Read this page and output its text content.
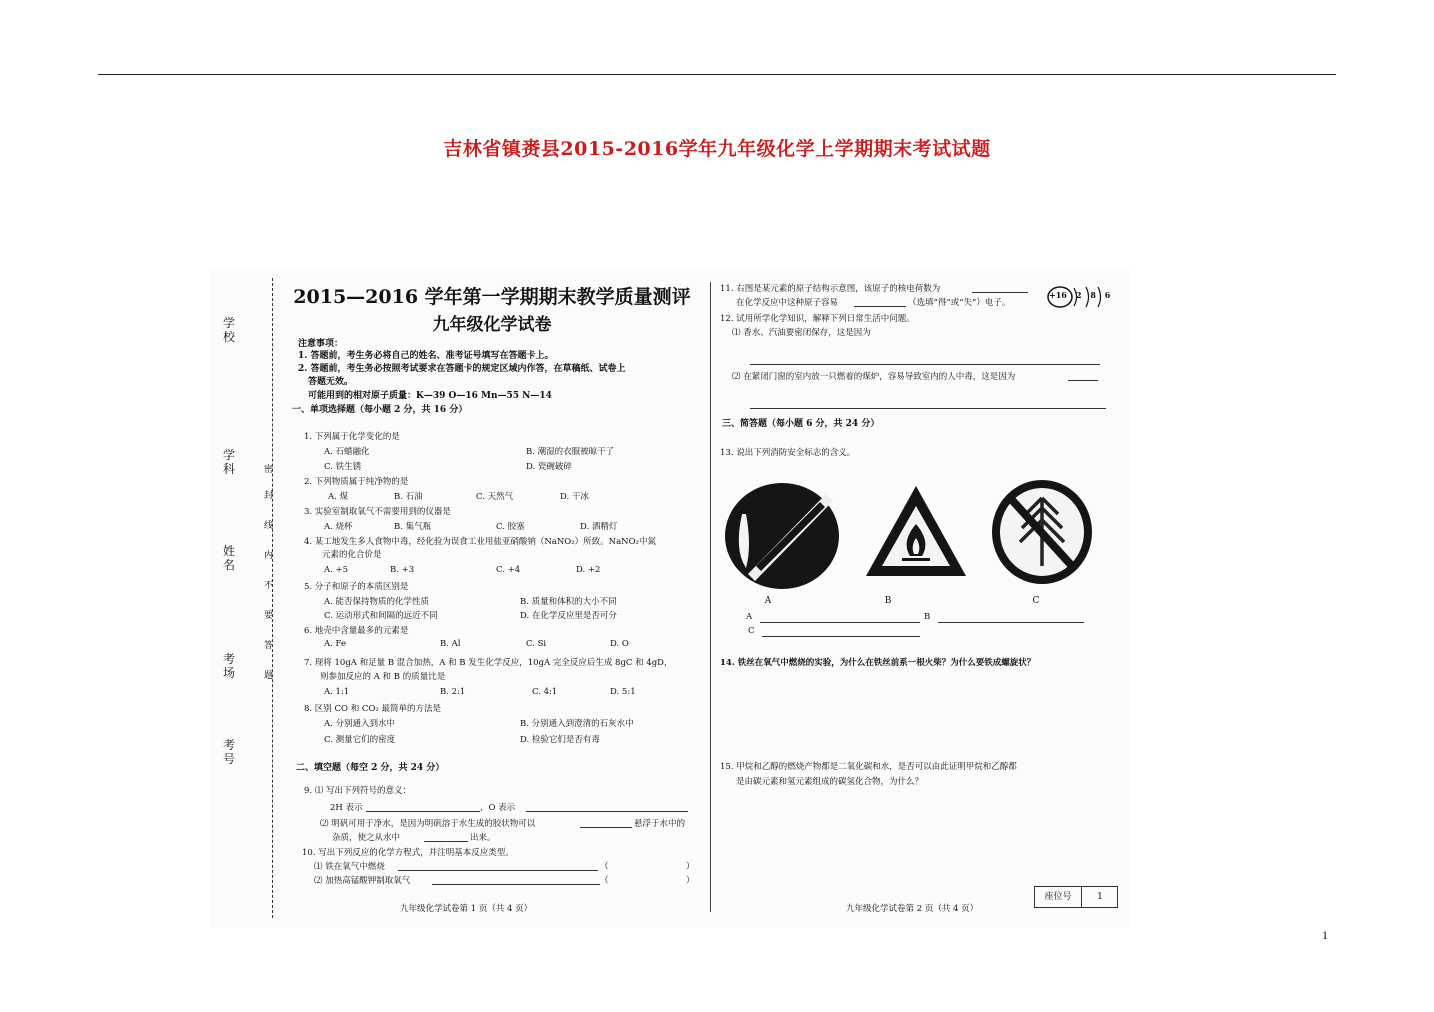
吉林省镇赉县2015-2016学年九年级化学上学期期末考试试题
学校
学科
姓名
考场
考号
密
封
线
内
不
要
答
题
2015—2016 学年第一学期期末教学质量测评
九年级化学试卷
注意事项：
1. 答题前，考生务必将自己的姓名、准考证号填写在答题卡上。
2. 答题前，考生务必按照考试要求在答题卡的规定区域内作答，在草稿纸、试卷上
答题无效。
可能用到的相对原子质量：K—39 O—16 Mn—55 N—14
一、单项选择题（每小题 2 分，共 16 分）
1. 下列属于化学变化的是
A. 石蜡融化	B. 潮湿的衣服被晾干了
C. 铁生锈	D. 瓷碗破碎
2. 下列物质属于纯净物的是
A. 煤	B. 石油	C. 天然气	D. 干冰
3. 实验室制取氧气不需要用到的仪器是
A. 烧杯	B. 集气瓶	C. 胶塞	D. 酒精灯
4. 某工地发生多人食物中毒，经化验为误食工业用盐亚硝酸钠（NaNO₂）所致。NaNO₂中氮
元素的化合价是
A. +5	B. +3	C. +4	D. +2
5. 分子和原子的本质区别是
A. 能否保持物质的化学性质	B. 质量和体积的大小不同
C. 运动形式和间隔的远近不同	D. 在化学反应里是否可分
6. 地壳中含量最多的元素是
A. Fe	B. Al	C. Si	D. O
7. 现将 10gA 和足量 B 混合加热，A 和 B 发生化学反应，10gA 完全反应后生成 8gC 和 4gD，
则参加反应的 A 和 B 的质量比是
A. 1:1	B. 2:1	C. 4:1	D. 5:1
8. 区别 CO 和 CO₂ 最简单的方法是
A. 分别通入到水中	B. 分别通入到澄清的石灰水中
C. 测量它们的密度	D. 检验它们是否有毒
二、填空题（每空 2 分，共 24 分）
9. ⑴ 写出下列符号的意义：
2H 表示	，O 表示
⑵ 明矾可用于净水，是因为明矾溶于水生成的胶状物可以	悬浮于水中的
杂质，使之从水中	出来。
10. 写出下列反应的化学方程式，并注明基本反应类型。
⑴ 铁在氧气中燃烧	（	）
⑵ 加热高锰酸钾制取氧气	（	）
九年级化学试卷第 1 页（共 4 页）
11. 右图是某元素的原子结构示意图，该原子的核电荷数为
在化学反应中这种原子容易	（选填“得”或“失”）电子。
+16 2 8 6
12. 试用所学化学知识，解释下列日常生活中问题。
⑴ 香水、汽油要密闭保存，这是因为
⑵ 在紧闭门窗的室内放一只燃着的煤炉，容易导致室内的人中毒，这是因为
三、简答题（每小题 6 分，共 24 分）
13. 说出下列消防安全标志的含义。
A	B	C
A	B
C
14. 铁丝在氧气中燃烧的实验，为什么在铁丝前系一根火柴？为什么要铁成螺旋状？
15. 甲烷和乙醇的燃烧产物都是二氧化碳和水，是否可以由此证明甲烷和乙醇都
是由碳元素和氢元素组成的碳氢化合物，为什么？
九年级化学试卷第 2 页（共 4 页）
座位号	1
1
